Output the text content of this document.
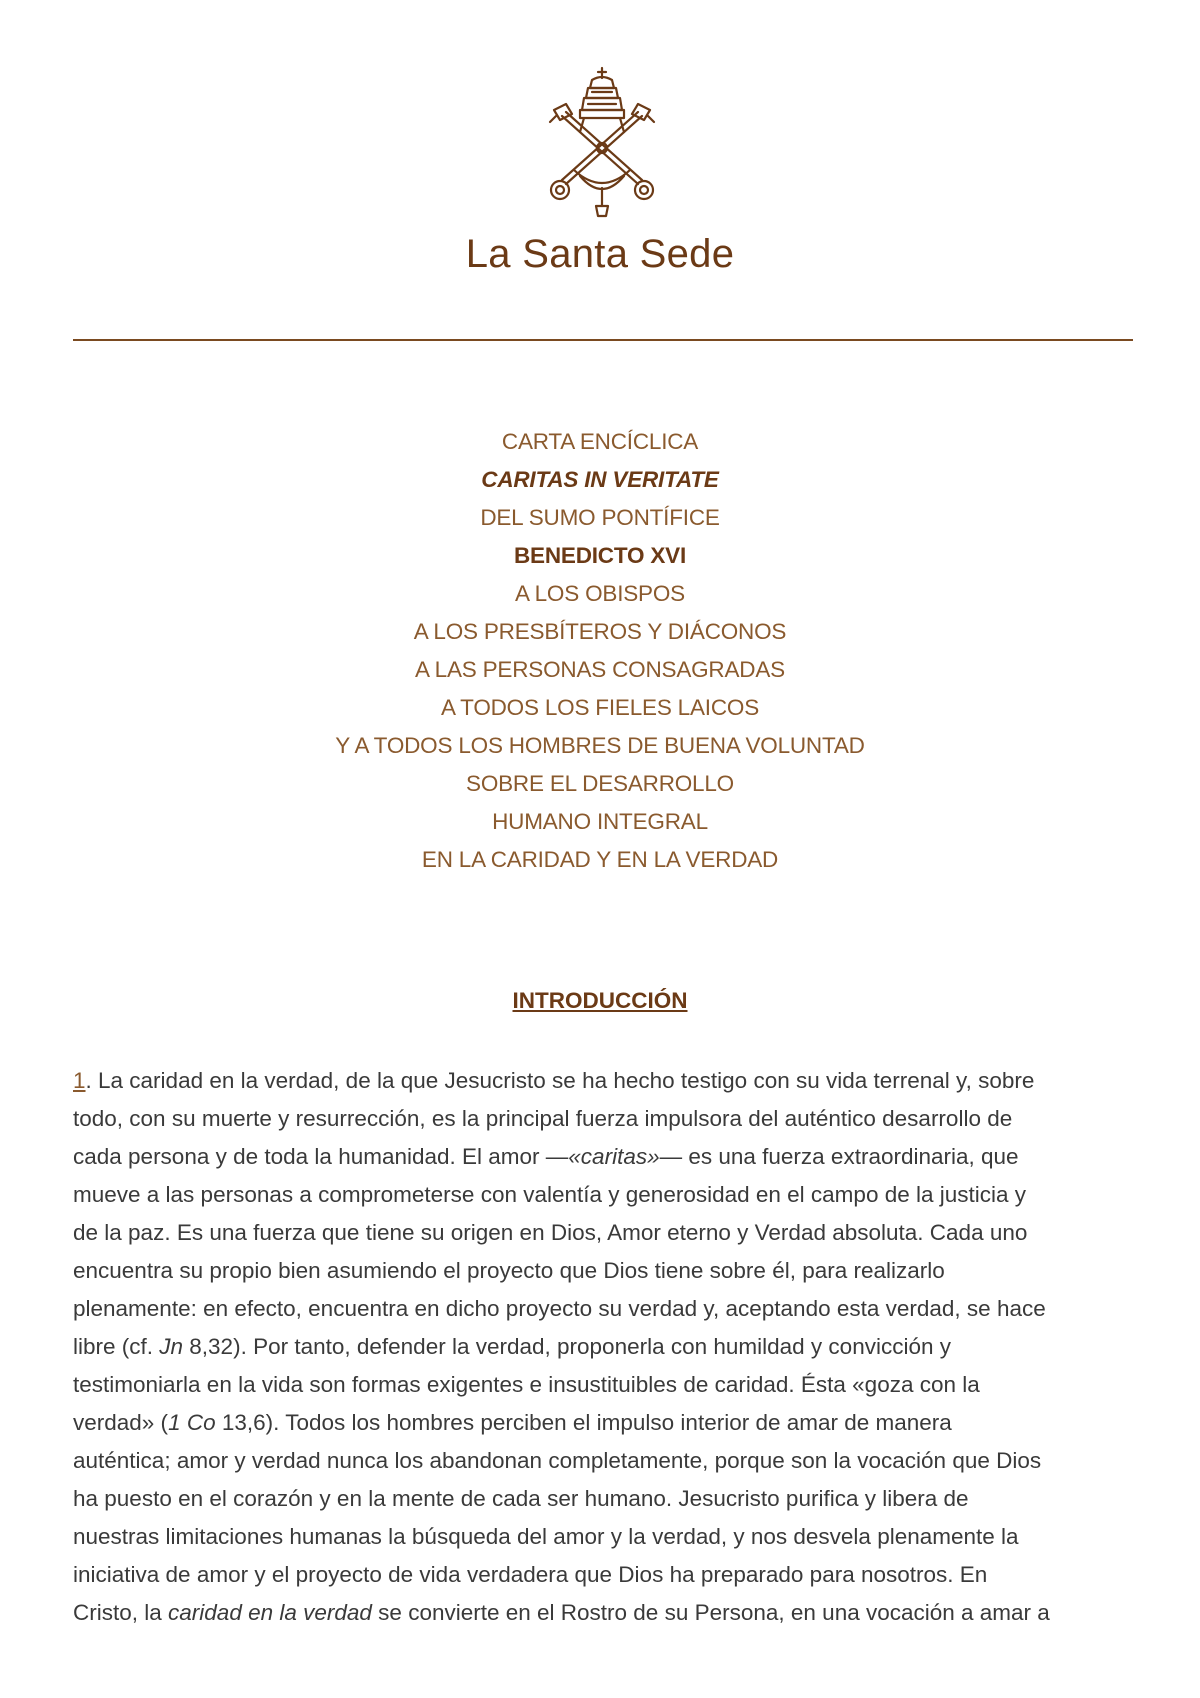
La Santa Sede
CARTA ENCÍCLICA
CARITAS IN VERITATE
DEL SUMO PONTÍFICE
BENEDICTO XVI
A LOS OBISPOS
A LOS PRESBÍTEROS Y DIÁCONOS
A LAS PERSONAS CONSAGRADAS
A TODOS LOS FIELES LAICOS
Y A TODOS LOS HOMBRES DE BUENA VOLUNTAD
SOBRE EL DESARROLLO
HUMANO INTEGRAL
EN LA CARIDAD Y EN LA VERDAD
INTRODUCCIÓN
1. La caridad en la verdad, de la que Jesucristo se ha hecho testigo con su vida terrenal y, sobre
todo, con su muerte y resurrección, es la principal fuerza impulsora del auténtico desarrollo de
cada persona y de toda la humanidad. El amor —«caritas»— es una fuerza extraordinaria, que
mueve a las personas a comprometerse con valentía y generosidad en el campo de la justicia y
de la paz. Es una fuerza que tiene su origen en Dios, Amor eterno y Verdad absoluta. Cada uno
encuentra su propio bien asumiendo el proyecto que Dios tiene sobre él, para realizarlo
plenamente: en efecto, encuentra en dicho proyecto su verdad y, aceptando esta verdad, se hace
libre (cf. Jn 8,32). Por tanto, defender la verdad, proponerla con humildad y convicción y
testimoniarla en la vida son formas exigentes e insustituibles de caridad. Ésta «goza con la
verdad» (1 Co 13,6). Todos los hombres perciben el impulso interior de amar de manera
auténtica; amor y verdad nunca los abandonan completamente, porque son la vocación que Dios
ha puesto en el corazón y en la mente de cada ser humano. Jesucristo purifica y libera de
nuestras limitaciones humanas la búsqueda del amor y la verdad, y nos desvela plenamente la
iniciativa de amor y el proyecto de vida verdadera que Dios ha preparado para nosotros. En
Cristo, la caridad en la verdad se convierte en el Rostro de su Persona, en una vocación a amar a
